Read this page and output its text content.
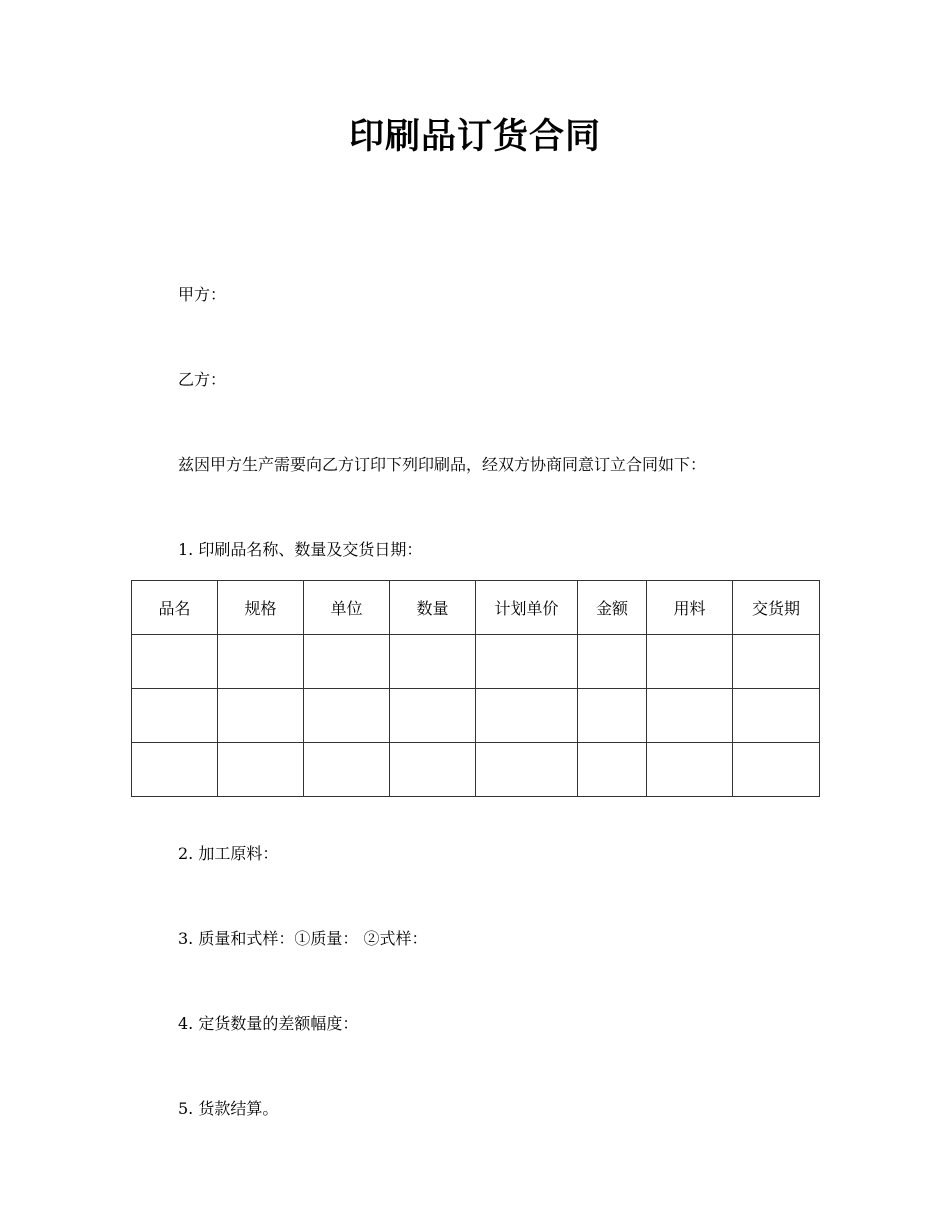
印刷品订货合同
甲方：
乙方：
兹因甲方生产需要向乙方订印下列印刷品，经双方协商同意订立合同如下：
1. 印刷品名称、数量及交货日期：
品名	规格	单位	数量	计划单价	金额	用料	交货期

2. 加工原料：
3. 质量和式样：①质量： ②式样：
4. 定货数量的差额幅度：
5. 货款结算。
